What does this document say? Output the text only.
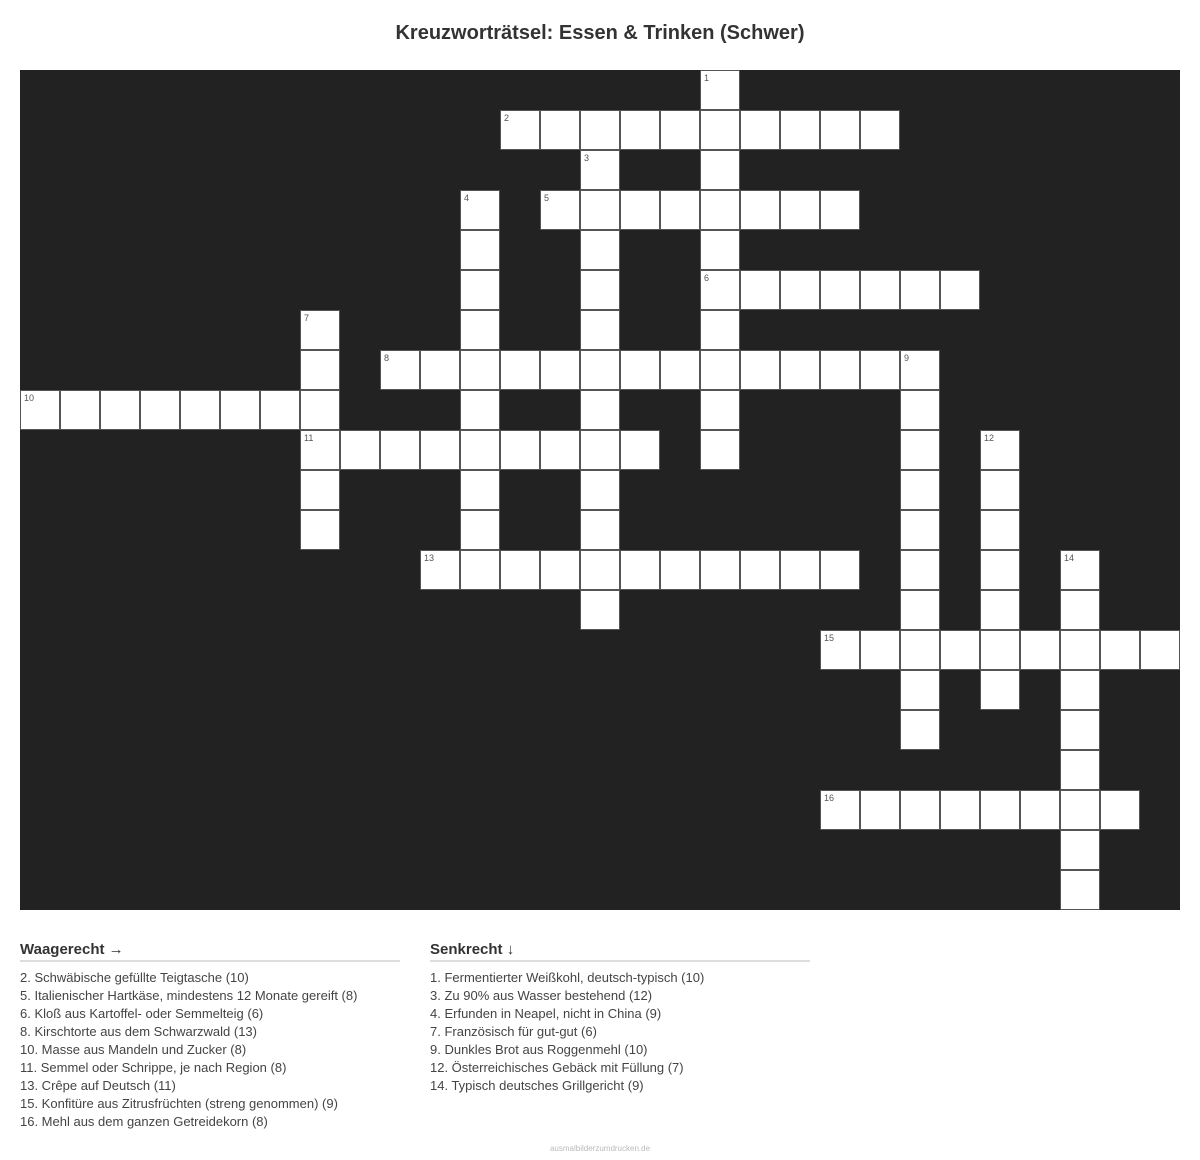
Kreuzworträtsel: Essen & Trinken (Schwer)
1
6
2
3
4	5
7
11
8	9
10
12
13	14
15
16
Waagerecht →
2. Schwäbische gefüllte Teigtasche (10)
5. Italienischer Hartkäse, mindestens 12 Monate gereift (8)
6. Kloß aus Kartoffel- oder Semmelteig (6)
8. Kirschtorte aus dem Schwarzwald (13)
10. Masse aus Mandeln und Zucker (8)
11. Semmel oder Schrippe, je nach Region (8)
13. Crêpe auf Deutsch (11)
15. Konfitüre aus Zitrusfrüchten (streng genommen) (9)
16. Mehl aus dem ganzen Getreidekorn (8)
Senkrecht ↓
1. Fermentierter Weißkohl, deutsch-typisch (10)
3. Zu 90% aus Wasser bestehend (12)
4. Erfunden in Neapel, nicht in China (9)
7. Französisch für gut-gut (6)
9. Dunkles Brot aus Roggenmehl (10)
12. Österreichisches Gebäck mit Füllung (7)
14. Typisch deutsches Grillgericht (9)
ausmalbilderzumdrucken.de
